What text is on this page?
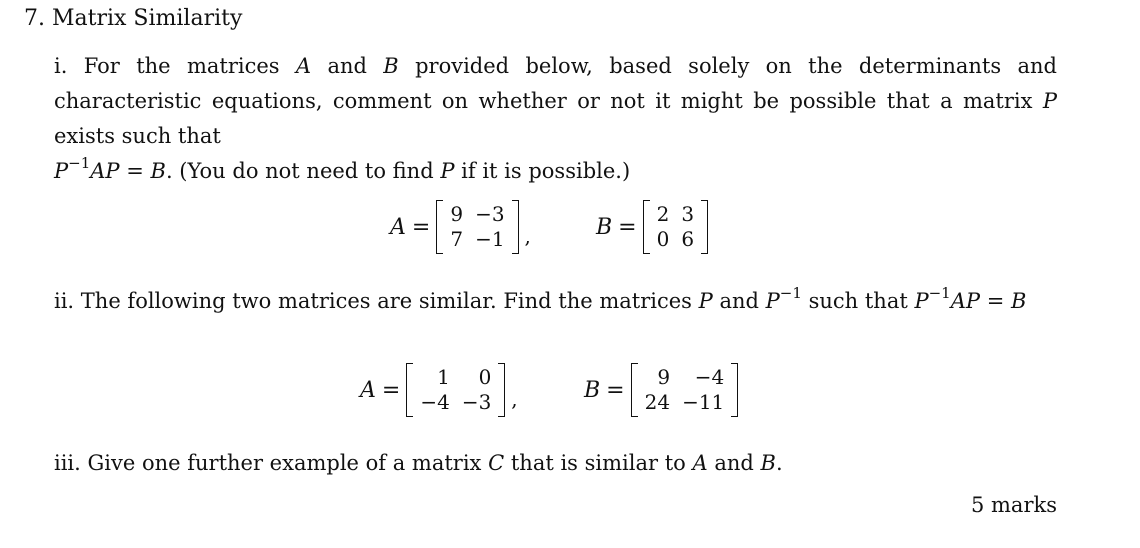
7. Matrix Similarity
i. For the matrices A and B provided below, based solely on the determinants and characteristic equations, comment on whether or not it might be possible that a matrix P exists such that
$P^{-1}AP = B$. (You do not need to find P if it is possible.)
A =
9	−3
7	−1 ,	B =
2	3
0	6
ii. The following two matrices are similar. Find the matrices P and $P^{-1}$ such that $P^{-1}AP = B$
A =
1	0
−4	−3 ,	B =
9	−4
24	−11
iii. Give one further example of a matrix C that is similar to A and B.
5 marks
